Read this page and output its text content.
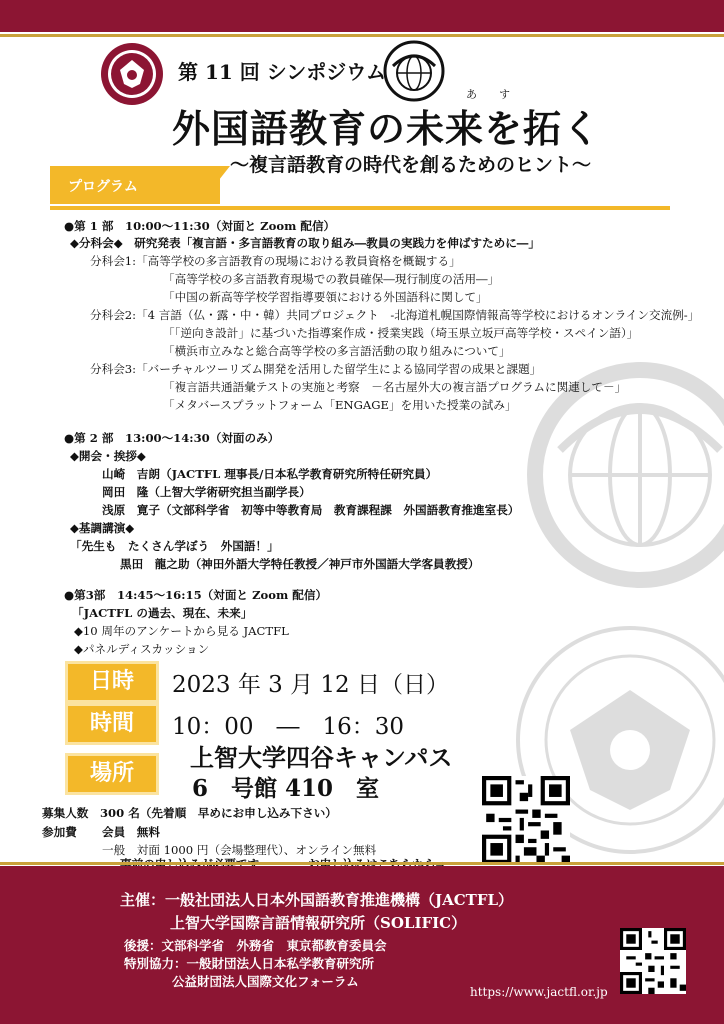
第 11 回 シンポジウム
あ　　す
外国語教育の未来を拓く
～複言語教育の時代を創るためのヒント～
プログラム
●第 1 部　10:00～11:30（対面と Zoom 配信）
◆分科会◆　研究発表「複言語・多言語教育の取り組み―教員の実践力を伸ばすために―」
分科会1:「高等学校の多言語教育の現場における教員資格を概観する」
「高等学校の多言語教育現場での教員確保―現行制度の活用―」
「中国の新高等学校学習指導要領における外国語科に関して」
分科会2:「4 言語（仏・露・中・韓）共同プロジェクト　-北海道札幌国際情報高等学校におけるオンライン交流例-」
「「逆向き設計」に基づいた指導案作成・授業実践（埼玉県立坂戸高等学校・スペイン語）」
「横浜市立みなと総合高等学校の多言語活動の取り組みについて」
分科会3:「バーチャルツーリズム開発を活用した留学生による協同学習の成果と課題」
「複言語共通語彙テストの実施と考察　－名古屋外大の複言語プログラムに関連して－」
「メタバースプラットフォーム「ENGAGE」を用いた授業の試み」
●第 2 部　13:00～14:30（対面のみ）
◆開会・挨拶◆
山崎　吉朗（JACTFL 理事長/日本私学教育研究所特任研究員）
岡田　隆（上智大学術研究担当副学長）
浅原　寛子（文部科学省　初等中等教育局　教育課程課　外国語教育推進室長）
◆基調講演◆
「先生も　たくさん学ぼう　外国語！」
黒田　龍之助（神田外語大学特任教授／神戸市外国語大学客員教授）
●第3部　14:45～16:15（対面と Zoom 配信）
「JACTFL の過去、現在、未来」
◆10 周年のアンケートから見る JACTFL
◆パネルディスカッション
日時	2023 年 3 月 12 日（日）
時間	10：00　―　16：30
場所
上智大学四谷キャンパス
6　号館 410　室
募集人数　300 名（先着順　早めにお申し込み下さい）
参加費 会員　無料
一般　対面 1000 円（会場整理代）、オンライン無料
主催：一般社団法人日本外国語教育推進機構（JACTFL）
上智大学国際言語情報研究所（SOLIFIC）
後援：文部科学省　外務省　東京都教育委員会
特別協力：一般財団法人日本私学教育研究所
公益財団法人国際文化フォーラム
https://www.jactfl.or.jp
